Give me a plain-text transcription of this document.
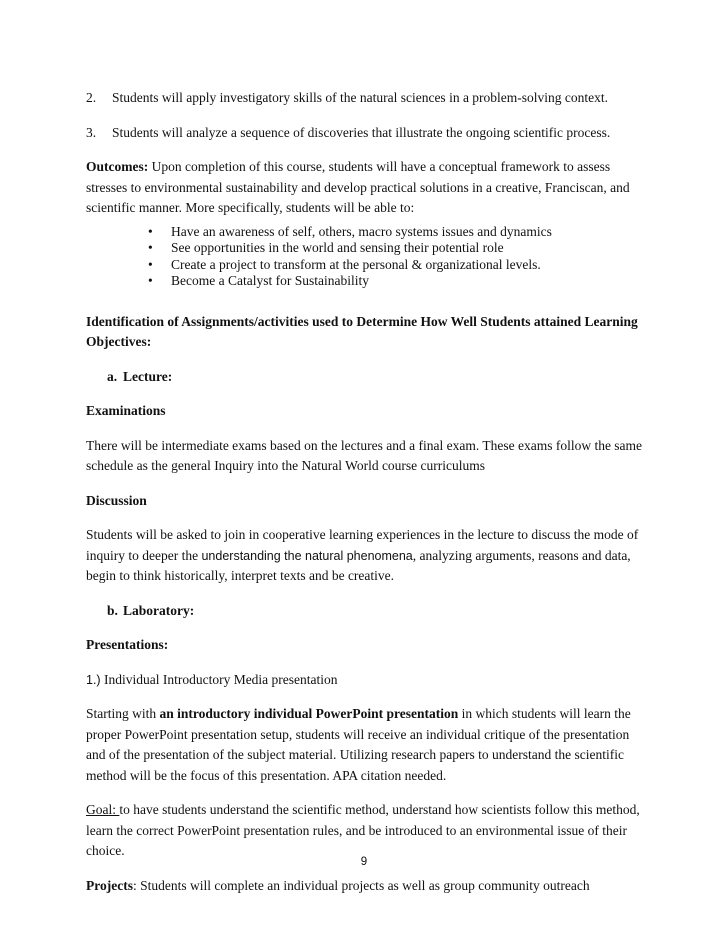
2.	Students will apply investigatory skills of the natural sciences in a problem-solving context.
3.	Students will analyze a sequence of discoveries that illustrate the ongoing scientific process.

Outcomes: Upon completion of this course, students will have a conceptual framework to assess stresses to environmental sustainability and develop practical solutions in a creative, Franciscan, and scientific manner. More specifically, students will be able to:

•	Have an awareness of self, others, macro systems issues and dynamics
•	See opportunities in the world and sensing their potential role
•	Create a project to transform at the personal & organizational levels.
•	Become a Catalyst for Sustainability

Identification of Assignments/activities used to Determine How Well Students attained Learning Objectives:

a. Lecture:

Examinations

There will be intermediate exams based on the lectures and a final exam. These exams follow the same schedule as the general Inquiry into the Natural World course curriculums

Discussion

Students will be asked to join in cooperative learning experiences in the lecture to discuss the mode of inquiry to deeper the understanding the natural phenomena, analyzing arguments, reasons and data, begin to think historically, interpret texts and be creative.

b. Laboratory:

Presentations:

1.) Individual Introductory Media presentation

Starting with an introductory individual PowerPoint presentation in which students will learn the proper PowerPoint presentation setup, students will receive an individual critique of the presentation and of the presentation of the subject material. Utilizing research papers to understand the scientific method will be the focus of this presentation. APA citation needed.

Goal: to have students understand the scientific method, understand how scientists follow this method, learn the correct PowerPoint presentation rules, and be introduced to an environmental issue of their choice.

Projects: Students will complete an individual projects as well as group community outreach

9
